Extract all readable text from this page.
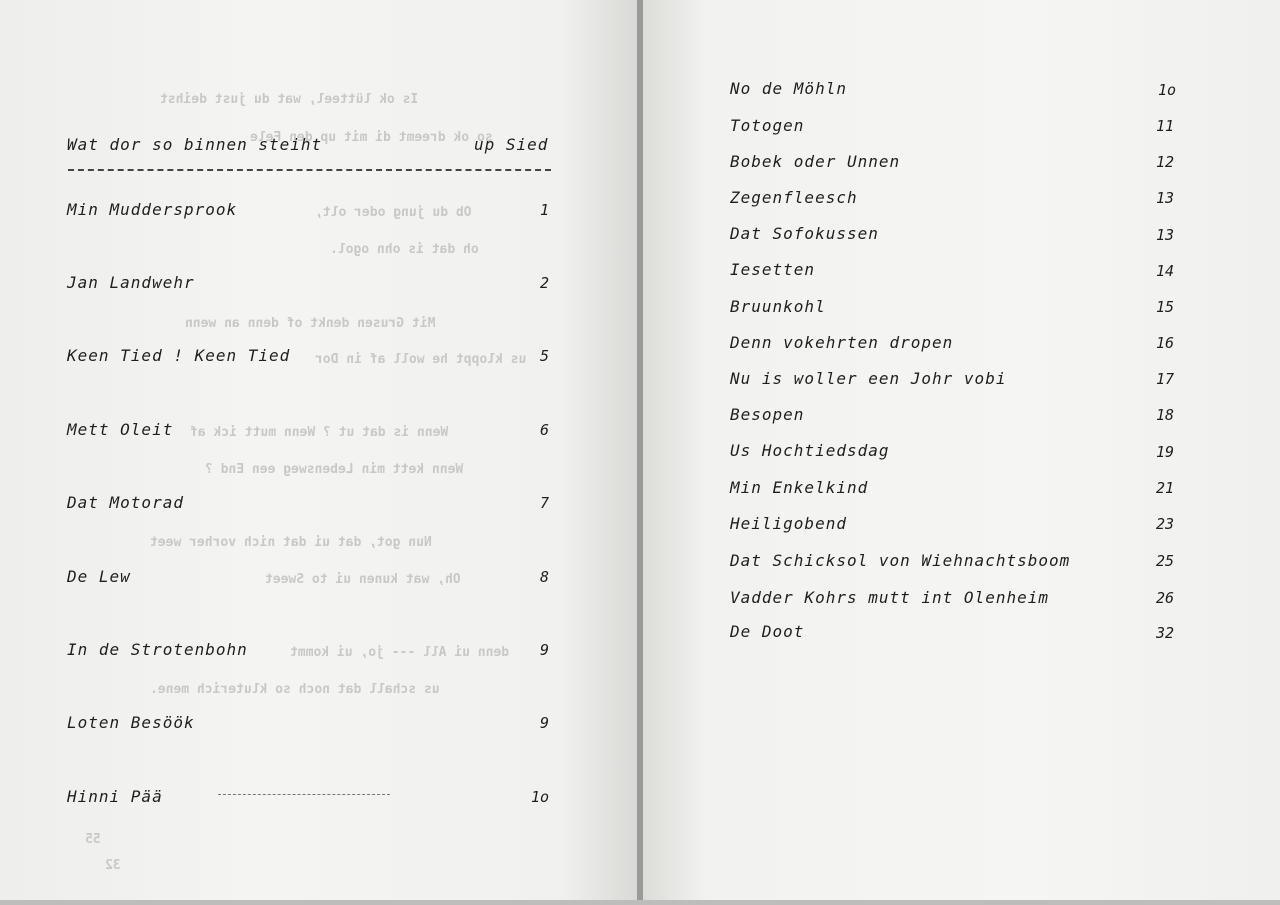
Is ok lütteel, wat du just deihst
so ok dreemt di mit up den Fele
Ob du jung oder olt,
oh dat is ohn ogol.
Mit Grusen denkt of denn an wenn
us kloppt he woll af in Dor
Wenn is dat ut ? Wenn mutt ick af
Wenn kett min Lebensweg een End ?
Nun got, dat ui dat nich vorher weet
Oh, wat kunen ui to Sweet
denn ui All --- jo, ui kommt
us schall dat noch so kluterich mene.
55
32
Wat dor so binnen steiht	up Sied
Min Muddersprook	1
Jan Landwehr	2
Keen Tied ! Keen Tied	5
Mett Oleit	6
Dat Motorad	7
De Lew	8
In de Strotenbohn	9
Loten Besöök	9
Hinni Pää	1o
No de Möhln	1o
Totogen	11
Bobek oder Unnen	12
Zegenfleesch	13
Dat Sofokussen	13
Iesetten	14
Bruunkohl	15
Denn vokehrten dropen	16
Nu is woller een Johr vobi	17
Besopen	18
Us Hochtiedsdag	19
Min Enkelkind	21
Heiligobend	23
Dat Schicksol von Wiehnachtsboom	25
Vadder Kohrs mutt int Olenheim	26
De Doot	32
